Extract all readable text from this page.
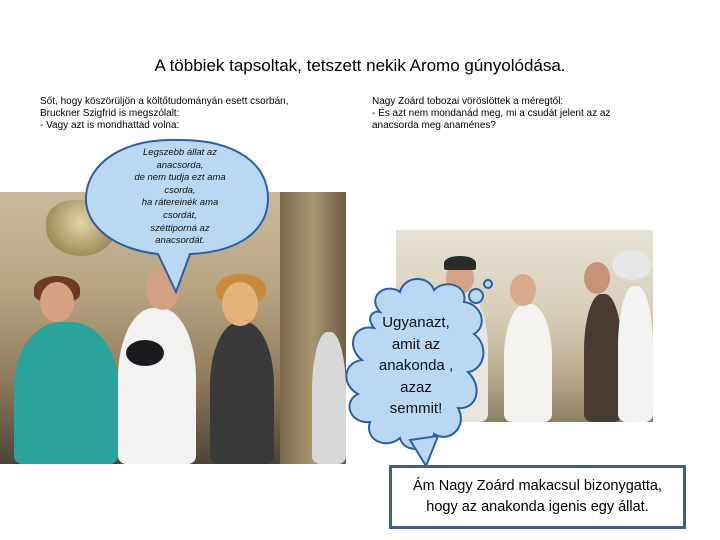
A többiek tapsoltak, tetszett nekik Aromo gúnyolódása.
Sőt, hogy köszörüljön a költőtudományán esett csorbán,
Bruckner Szigfrid is megszólalt:
- Vagy azt is mondhattad volna:
Nagy Zoárd tobozai vöröslöttek a méregtől:
- És azt nem mondanád meg, mi a csudát jelent az az
anacsorda meg anaménes?
Legszebb állat az
anacsorda,
de nem tudja ezt ama
csorda,
ha rátereinék ama
csordát,
széttiporná az
anacsordát.
Ugyanazt,
amit az
anakonda ,
azaz
semmit!
Ám Nagy Zoárd makacsul bizonygatta,
hogy az anakonda igenis egy állat.
